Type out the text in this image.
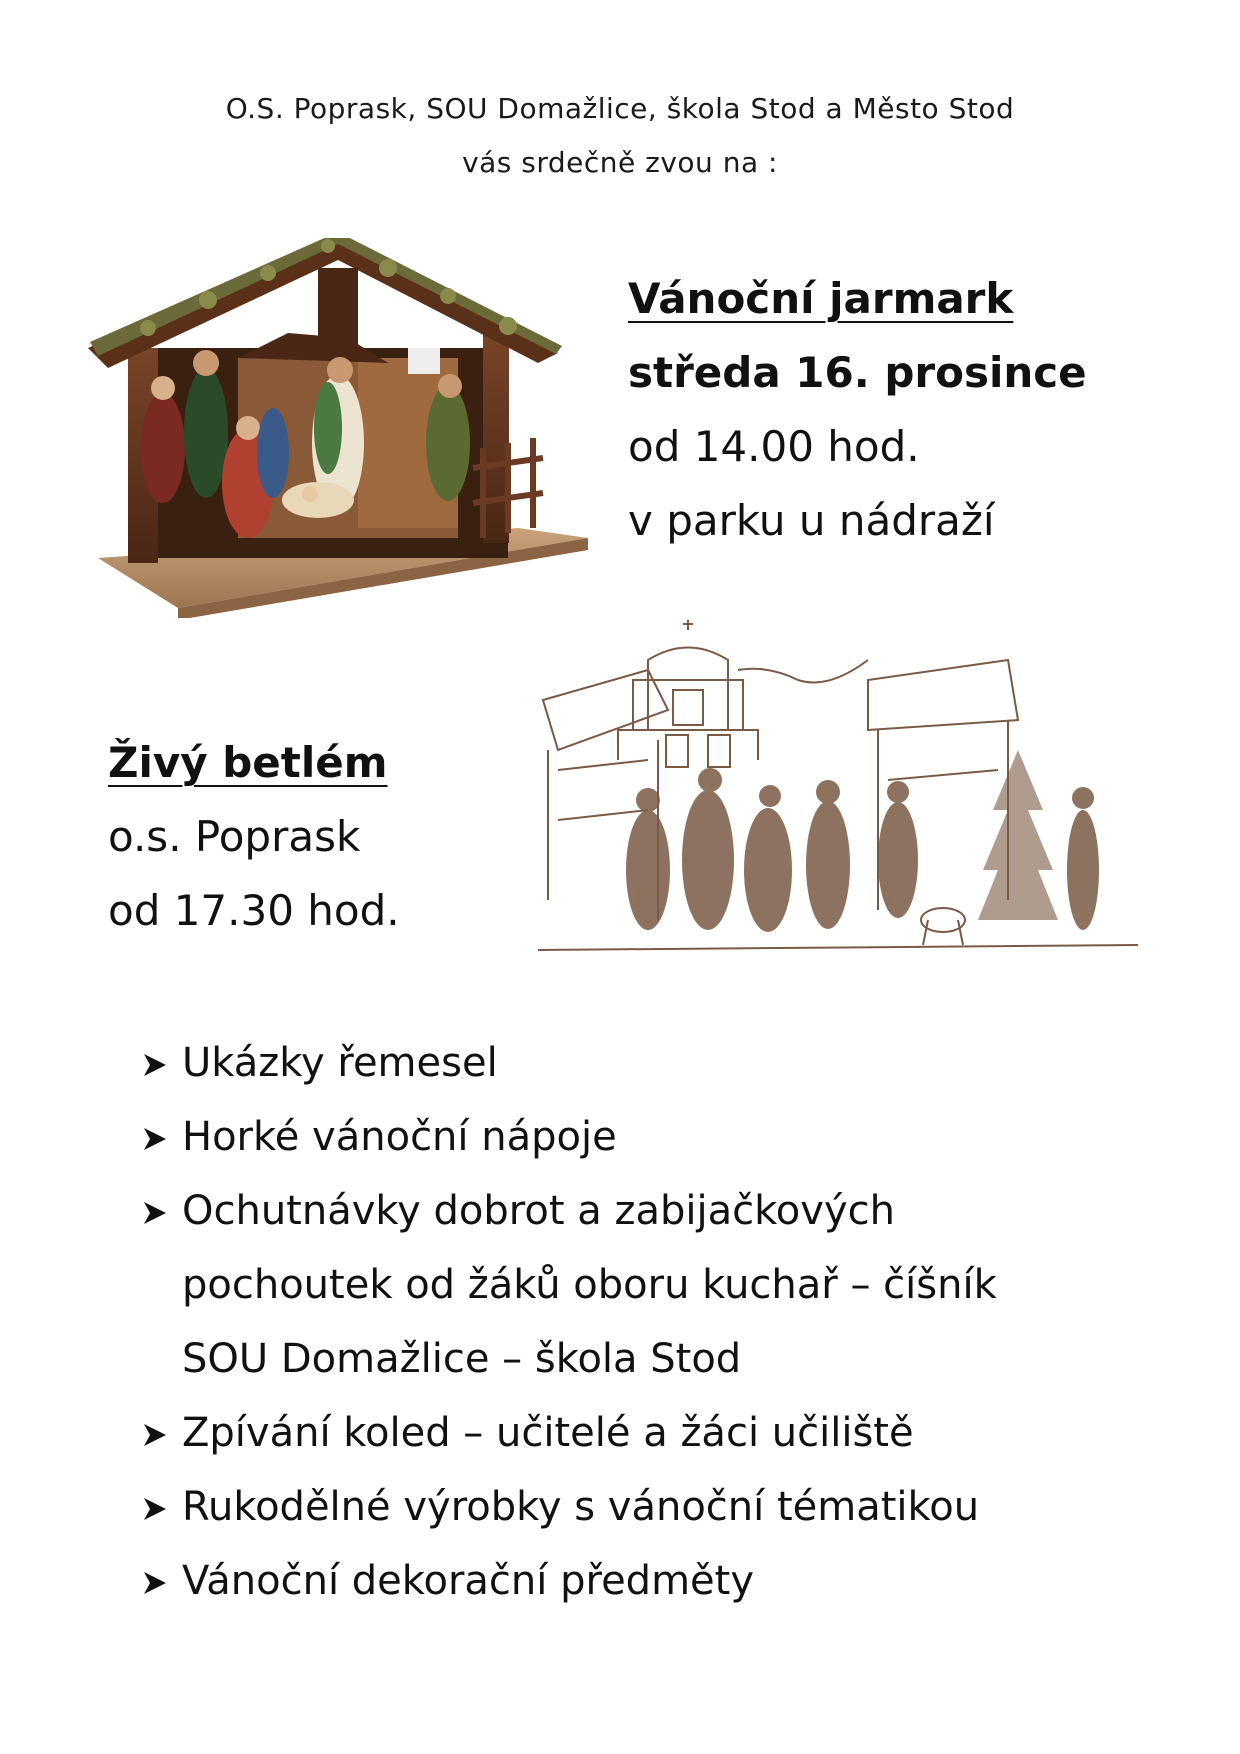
O.S. Poprask, SOU Domažlice, škola Stod a Město Stod
vás srdečně zvou na :
Vánoční jarmark
středa 16. prosince
od 14.00 hod.
v parku u nádraží
Živý betlém
o.s. Poprask
od 17.30 hod.
Ukázky řemesel
Horké vánoční nápoje
Ochutnávky dobrot a zabijačkových
pochoutek od žáků oboru kuchař – číšník
SOU Domažlice – škola Stod
Zpívání koled – učitelé a žáci učiliště
Rukodělné výrobky s vánoční tématikou
Vánoční dekorační předměty
